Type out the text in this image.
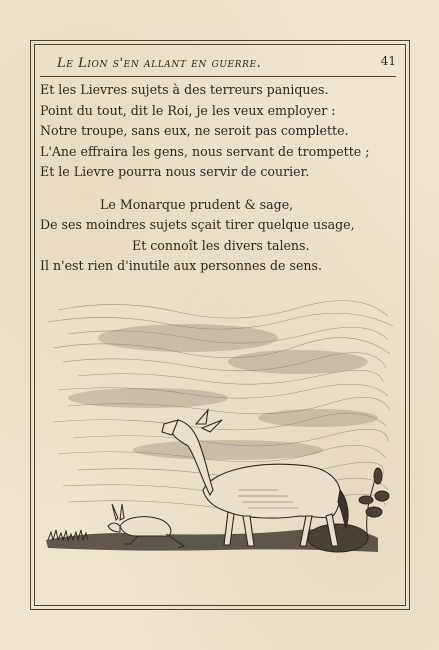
Le Lion s'en allant en guerre.	41
Et les Lievres sujets à des terreurs paniques.
Point du tout, dit le Roi, je les veux employer :
Notre troupe, sans eux, ne seroit pas complette.
L'Ane effraira les gens, nous servant de trompette ;
Et le Lievre pourra nous servir de courier.
Le Monarque prudent & sage,
De ses moindres sujets sçait tirer quelque usage,
Et connoît les divers talens.
Il n'est rien d'inutile aux personnes de sens.
